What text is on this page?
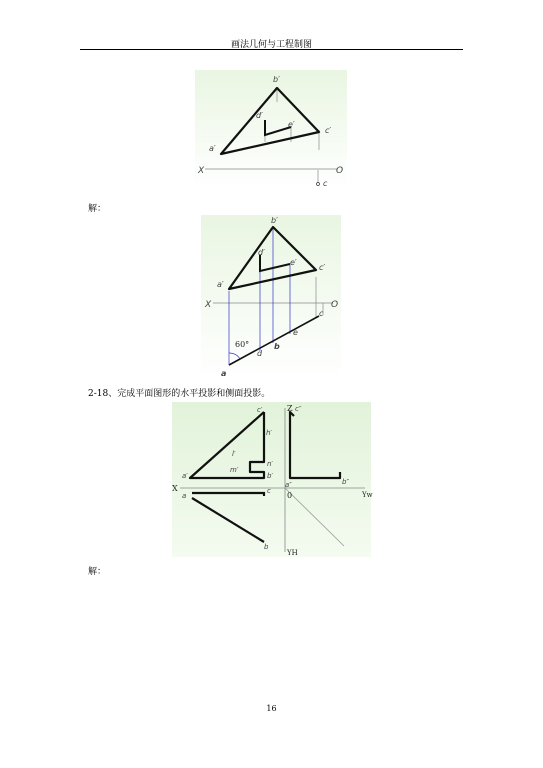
画法几何与工程制图
b′
d′
e′
c′
a′
X	O
c
解：
b′
d′
e′
c′
a′
X	O
c
e
b
d
a
60°
2-18、完成平面图形的水平投影和侧面投影。
c′
h′
l′
m′
n′
b′
a′
X
a
c
b
Z c″
b″
a″
0	Yw
YH
解：
16
